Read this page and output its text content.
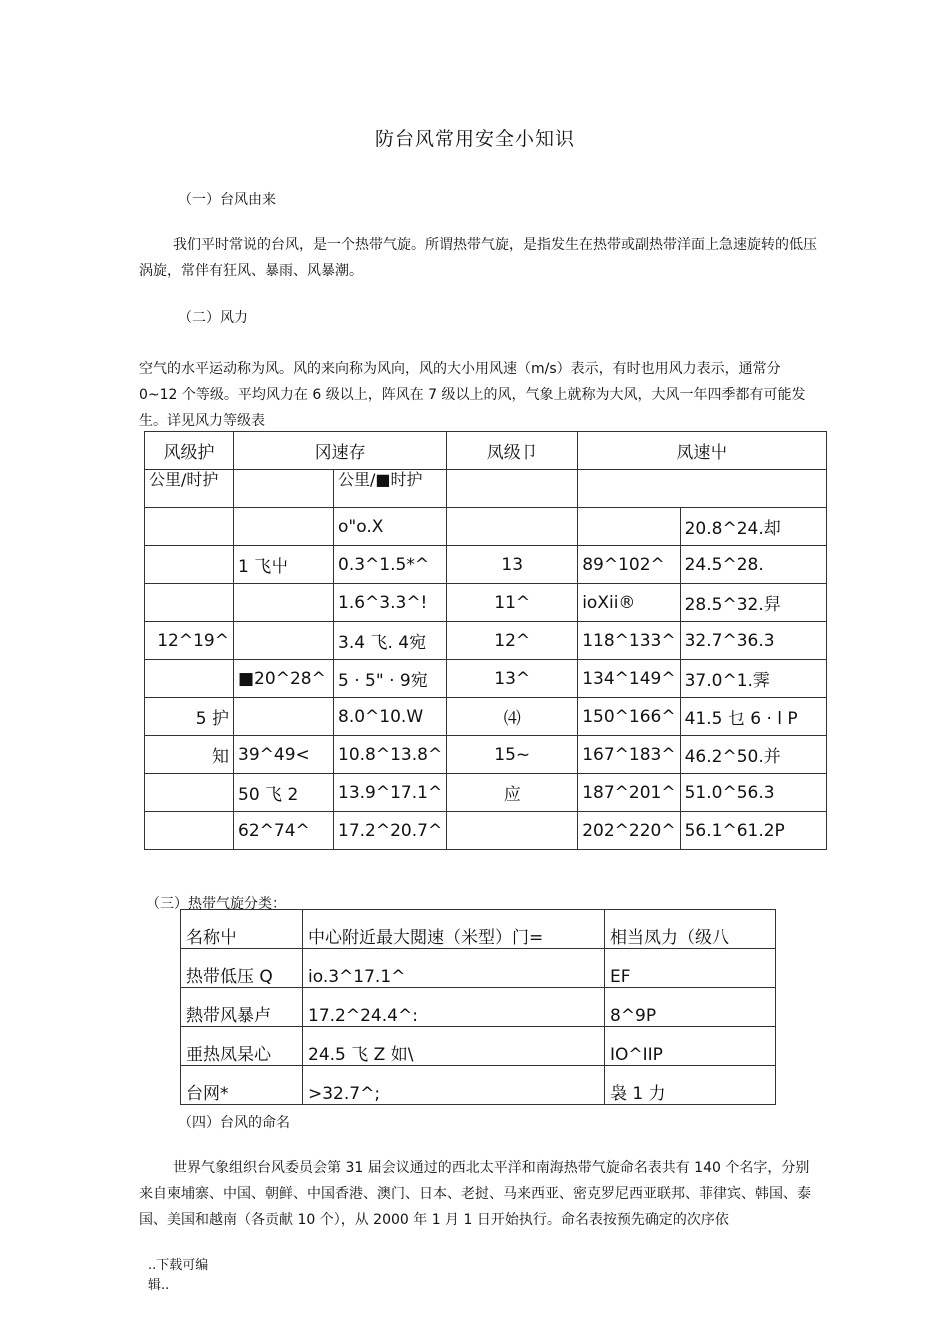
防台风常用安全小知识
（一）台风由来
我们平时常说的台风，是一个热带气旋。所谓热带气旋，是指发生在热带或副热带洋面上急速旋转的低压涡旋，常伴有狂风、暴雨、风暴潮。
（二）风力
空气的水平运动称为风。风的来向称为风向，风的大小用风速（m/s）表示，有时也用风力表示，通常分 0~12 个等级。平均风力在 6 级以上，阵风在 7 级以上的风，气象上就称为大风，大风一年四季都有可能发生。详见风力等级表
风级护	冈速存		凤级卩	凤速屮	
公里/时护		公里/■时护			
		o"o.X			20.8^24.却
	1 飞屮	0.3^1.5*^	13	89^102^	24.5^28.
		1.6^3.3^!	11^	ioXii®	28.5^32.舁
12^19^		3.4 飞. 4宛	12^	118^133^	32.7^36.3
	■20^28^	5 · 5" · 9宛	13^	134^149^	37.0^1.霁
5 护		8.0^10.W	⑷	150^166^	41.5 乜 6 · l P
知	39^49<	10.8^13.8^	15~	167^183^	46.2^50.并
	50 飞 2	13.9^17.1^	应	187^201^	51.0^56.3
	62^74^	17.2^20.7^		202^220^	56.1^61.2P
（三）热带气旋分类：
名称屮	中心附近最大閲速（米型）门=	相当凤力（级八
热带低压 Q	io.3^17.1^	EF
熱带风暴卢	17.2^24.4^:	8^9P
亜热凤杲心	24.5 飞 Z 如\	IO^IIP
台网*	>32.7^;	袅 1 力
（四）台风的命名
世界气象组织台风委员会第 31 届会议通过的西北太平洋和南海热带气旋命名表共有 140 个名字，分别来自柬埔寨、中国、朝鲜、中国香港、澳门、日本、老挝、马来西亚、密克罗尼西亚联邦、菲律宾、韩国、泰国、美国和越南（各贡献 10 个），从 2000 年 1 月 1 日开始执行。命名表按预先确定的次序依
..下载可编
辑..
